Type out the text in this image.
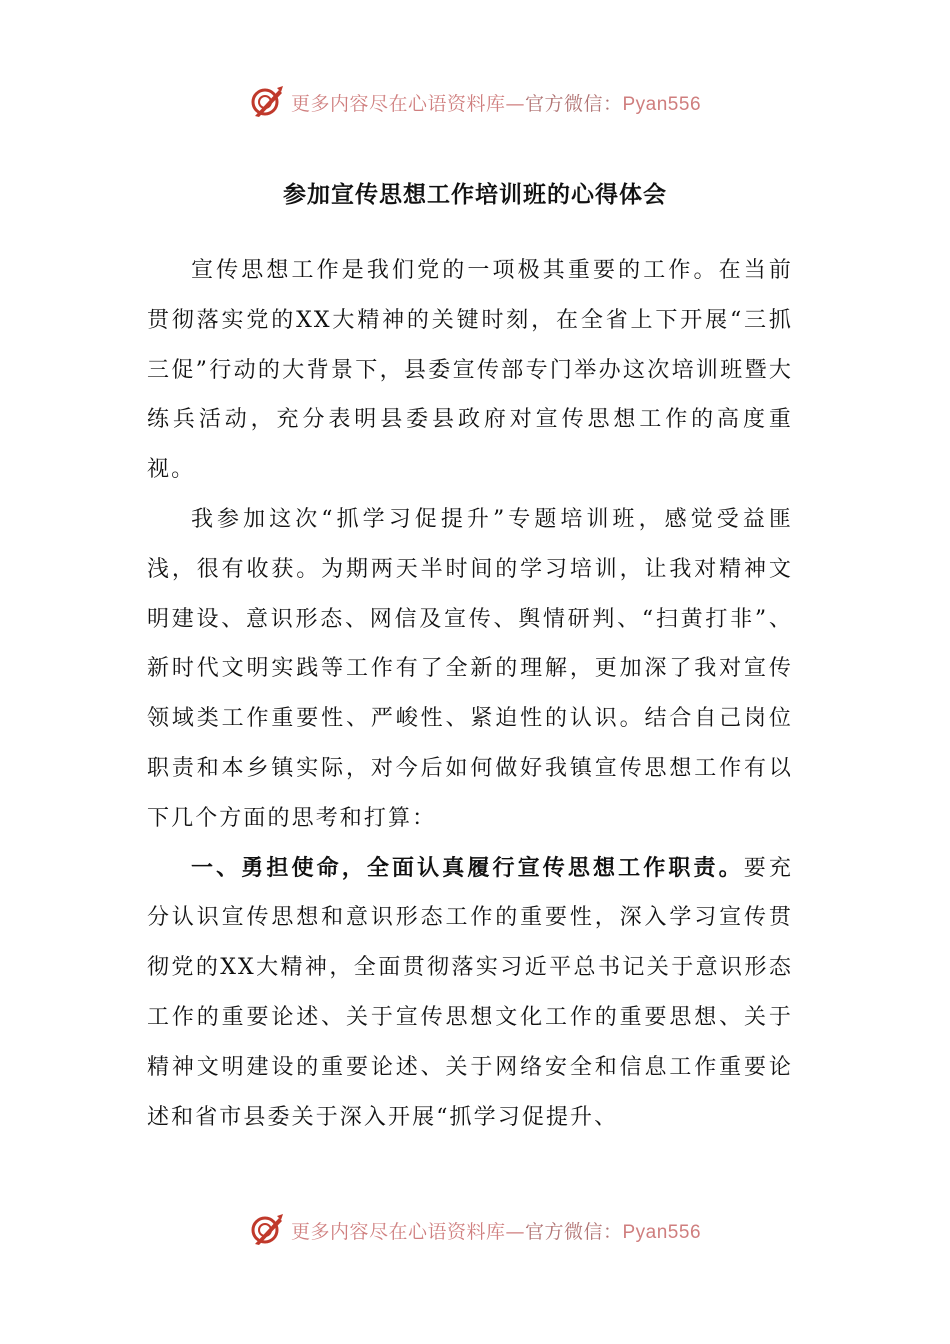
更多内容尽在心语资料库—官方微信：Pyan556
参加宣传思想工作培训班的心得体会

宣传思想工作是我们党的一项极其重要的工作。在当前贯彻落实党的XX大精神的关键时刻，在全省上下开展“三抓三促”行动的大背景下，县委宣传部专门举办这次培训班暨大练兵活动，充分表明县委县政府对宣传思想工作的高度重视。

我参加这次“抓学习促提升”专题培训班，感觉受益匪浅，很有收获。为期两天半时间的学习培训，让我对精神文明建设、意识形态、网信及宣传、舆情研判、“扫黄打非”、新时代文明实践等工作有了全新的理解，更加深了我对宣传领域类工作重要性、严峻性、紧迫性的认识。结合自己岗位职责和本乡镇实际，对今后如何做好我镇宣传思想工作有以下几个方面的思考和打算：

一、勇担使命，全面认真履行宣传思想工作职责。要充分认识宣传思想和意识形态工作的重要性，深入学习宣传贯彻党的XX大精神，全面贯彻落实习近平总书记关于意识形态工作的重要论述、关于宣传思想文化工作的重要思想、关于精神文明建设的重要论述、关于网络安全和信息工作重要论述和省市县委关于深入开展“抓学习促提升、

更多内容尽在心语资料库—官方微信：Pyan556
